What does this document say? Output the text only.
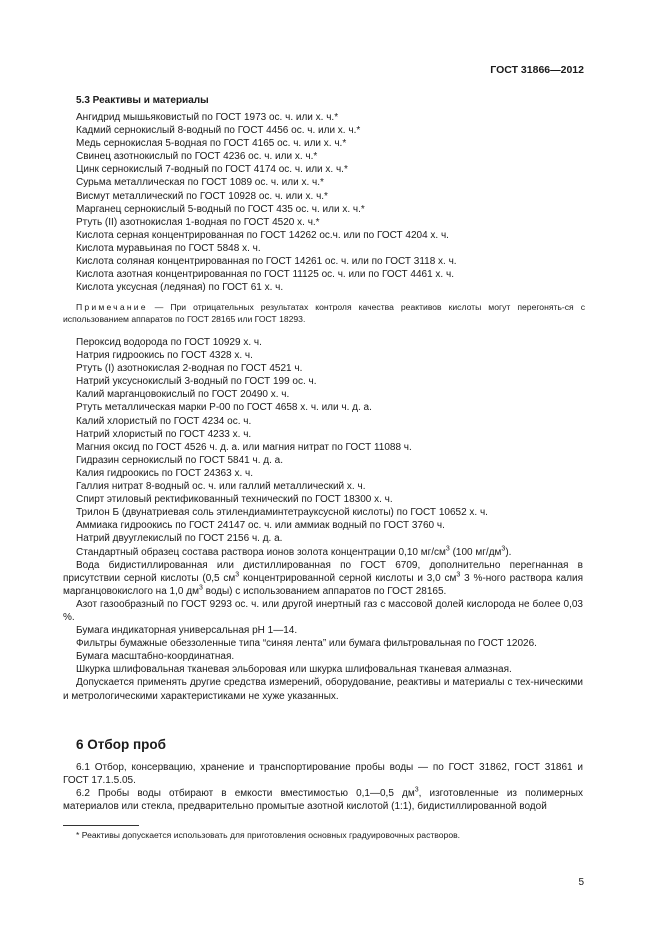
ГОСТ 31866—2012
5.3 Реактивы и материалы

Ангидрид мышьяковистый по ГОСТ 1973 ос. ч. или х. ч.*

Кадмий сернокислый 8-водный по ГОСТ 4456 ос. ч. или х. ч.*

Медь сернокислая 5-водная по ГОСТ 4165 ос. ч. или х. ч.*

Свинец азотнокислый по ГОСТ 4236 ос. ч. или х. ч.*

Цинк сернокислый 7-водный по ГОСТ 4174 ос. ч. или х. ч.*

Сурьма металлическая по ГОСТ 1089 ос. ч. или х. ч.*

Висмут металлический по ГОСТ 10928 ос. ч. или х. ч.*

Марганец сернокислый 5-водный по ГОСТ 435 ос. ч. или х. ч.*

Ртуть (II) азотнокислая 1-водная по ГОСТ 4520 х. ч.*

Кислота серная концентрированная по ГОСТ 14262 ос.ч. или по ГОСТ 4204 х. ч.

Кислота муравьиная по ГОСТ 5848 х. ч.

Кислота соляная концентрированная по ГОСТ 14261 ос. ч. или по ГОСТ 3118 х. ч.

Кислота азотная концентрированная по ГОСТ 11125 ос. ч. или по ГОСТ 4461 х. ч.

Кислота уксусная (ледяная) по ГОСТ 61 х. ч.

Примечание — При отрицательных результатах контроля качества реактивов кислоты могут перегонять-ся с использованием аппаратов по ГОСТ 28165 или ГОСТ 18293.

Пероксид водорода по ГОСТ 10929 х. ч.

Натрия гидроокись по ГОСТ 4328 х. ч.

Ртуть (I) азотнокислая 2-водная по ГОСТ 4521 ч.

Натрий уксуснокислый 3-водный по ГОСТ 199 ос. ч.

Калий марганцовокислый по ГОСТ 20490 х. ч.

Ртуть металлическая марки Р-00 по ГОСТ 4658 х. ч. или ч. д. а.

Калий хлористый по ГОСТ 4234 ос. ч.

Натрий хлористый по ГОСТ 4233 х. ч.

Магния оксид по ГОСТ 4526 ч. д. а. или магния нитрат по ГОСТ 11088 ч.

Гидразин сернокислый по ГОСТ 5841 ч. д. а.

Калия гидроокись по ГОСТ 24363 х. ч.

Галлия нитрат 8-водный ос. ч. или галлий металлический х. ч.

Спирт этиловый ректификованный технический по ГОСТ 18300 х. ч.

Трилон Б (двунатриевая соль этилендиаминтетрауксусной кислоты) по ГОСТ 10652 х. ч.

Аммиака гидроокись по ГОСТ 24147 ос. ч. или аммиак водный по ГОСТ 3760 ч.

Натрий двууглекислый по ГОСТ 2156 ч. д. а.

Стандартный образец состава раствора ионов золота концентрации 0,10 $мг/см^3$ (100 $мг/дм^3$).

Вода бидистиллированная или дистиллированная по ГОСТ 6709, дополнительно перегнанная в присутствии серной кислоты (0,5 $см^3$ концентрированной серной кислоты и 3,0 $см^3$ 3 %-ного раствора калия марганцовокислого на 1,0 $дм^3$ воды) с использованием аппаратов по ГОСТ 28165.

Азот газообразный по ГОСТ 9293 ос. ч. или другой инертный газ с массовой долей кислорода не более 0,03 %.

Бумага индикаторная универсальная рН 1—14.

Фильтры бумажные обеззоленные типа “синяя лента” или бумага фильтровальная по ГОСТ 12026.

Бумага масштабно-координатная.

Шкурка шлифовальная тканевая эльборовая или шкурка шлифовальная тканевая алмазная.

Допускается применять другие средства измерений, оборудование, реактивы и материалы с тех-ническими и метрологическими характеристиками не хуже указанных.

6 Отбор проб

6.1 Отбор, консервацию, хранение и транспортирование пробы воды — по ГОСТ 31862, ГОСТ 31861 и ГОСТ 17.1.5.05.

6.2 Пробы воды отбирают в емкости вместимостью 0,1—0,5 $дм^3$, изготовленные из полимерных материалов или стекла, предварительно промытые азотной кислотой (1:1), бидистиллированной водой

* Реактивы допускается использовать для приготовления основных градуировочных растворов.
5
